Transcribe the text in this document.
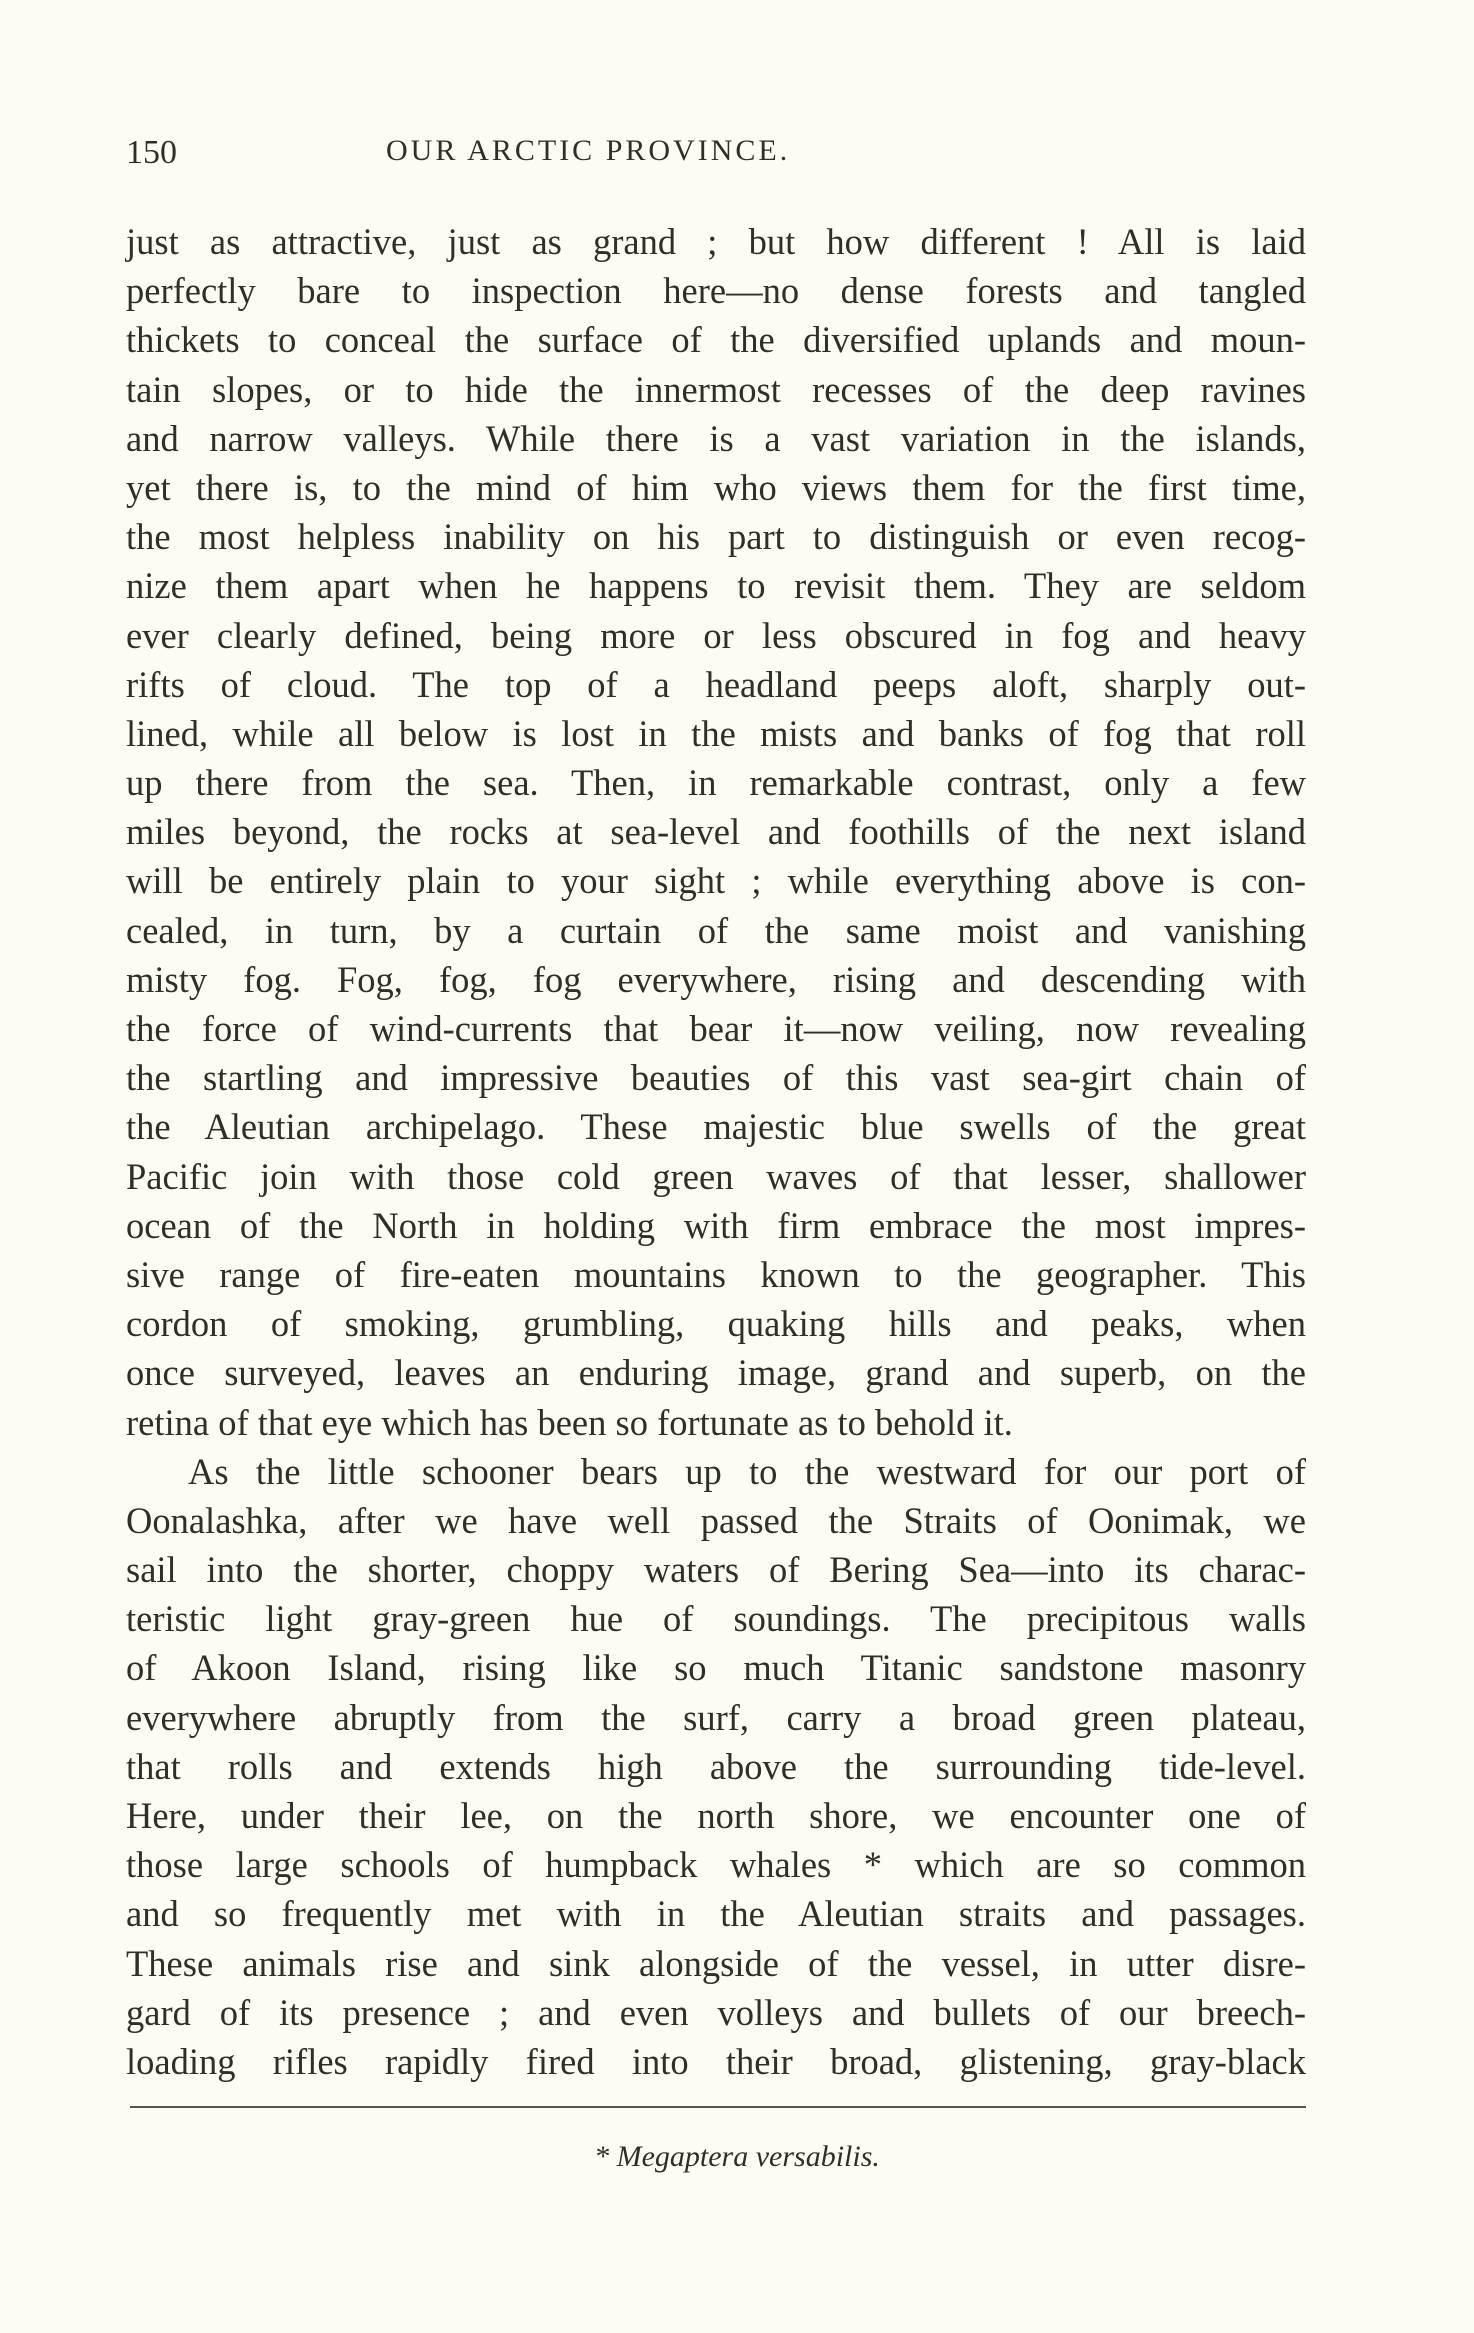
150	OUR ARCTIC PROVINCE.
just as attractive, just as grand ; but how different ! All is laid
perfectly bare to inspection here—no dense forests and tangled
thickets to conceal the surface of the diversified uplands and moun-
tain slopes, or to hide the innermost recesses of the deep ravines
and narrow valleys. While there is a vast variation in the islands,
yet there is, to the mind of him who views them for the first time,
the most helpless inability on his part to distinguish or even recog-
nize them apart when he happens to revisit them. They are seldom
ever clearly defined, being more or less obscured in fog and heavy
rifts of cloud. The top of a headland peeps aloft, sharply out-
lined, while all below is lost in the mists and banks of fog that roll
up there from the sea. Then, in remarkable contrast, only a few
miles beyond, the rocks at sea-level and foothills of the next island
will be entirely plain to your sight ; while everything above is con-
cealed, in turn, by a curtain of the same moist and vanishing
misty fog. Fog, fog, fog everywhere, rising and descending with
the force of wind-currents that bear it—now veiling, now revealing
the startling and impressive beauties of this vast sea-girt chain of
the Aleutian archipelago. These majestic blue swells of the great
Pacific join with those cold green waves of that lesser, shallower
ocean of the North in holding with firm embrace the most impres-
sive range of fire-eaten mountains known to the geographer. This
cordon of smoking, grumbling, quaking hills and peaks, when
once surveyed, leaves an enduring image, grand and superb, on the
retina of that eye which has been so fortunate as to behold it.
As the little schooner bears up to the westward for our port of
Oonalashka, after we have well passed the Straits of Oonimak, we
sail into the shorter, choppy waters of Bering Sea—into its charac-
teristic light gray-green hue of soundings. The precipitous walls
of Akoon Island, rising like so much Titanic sandstone masonry
everywhere abruptly from the surf, carry a broad green plateau,
that rolls and extends high above the surrounding tide-level.
Here, under their lee, on the north shore, we encounter one of
those large schools of humpback whales * which are so common
and so frequently met with in the Aleutian straits and passages.
These animals rise and sink alongside of the vessel, in utter disre-
gard of its presence ; and even volleys and bullets of our breech-
loading rifles rapidly fired into their broad, glistening, gray-black
* Megaptera versabilis.
